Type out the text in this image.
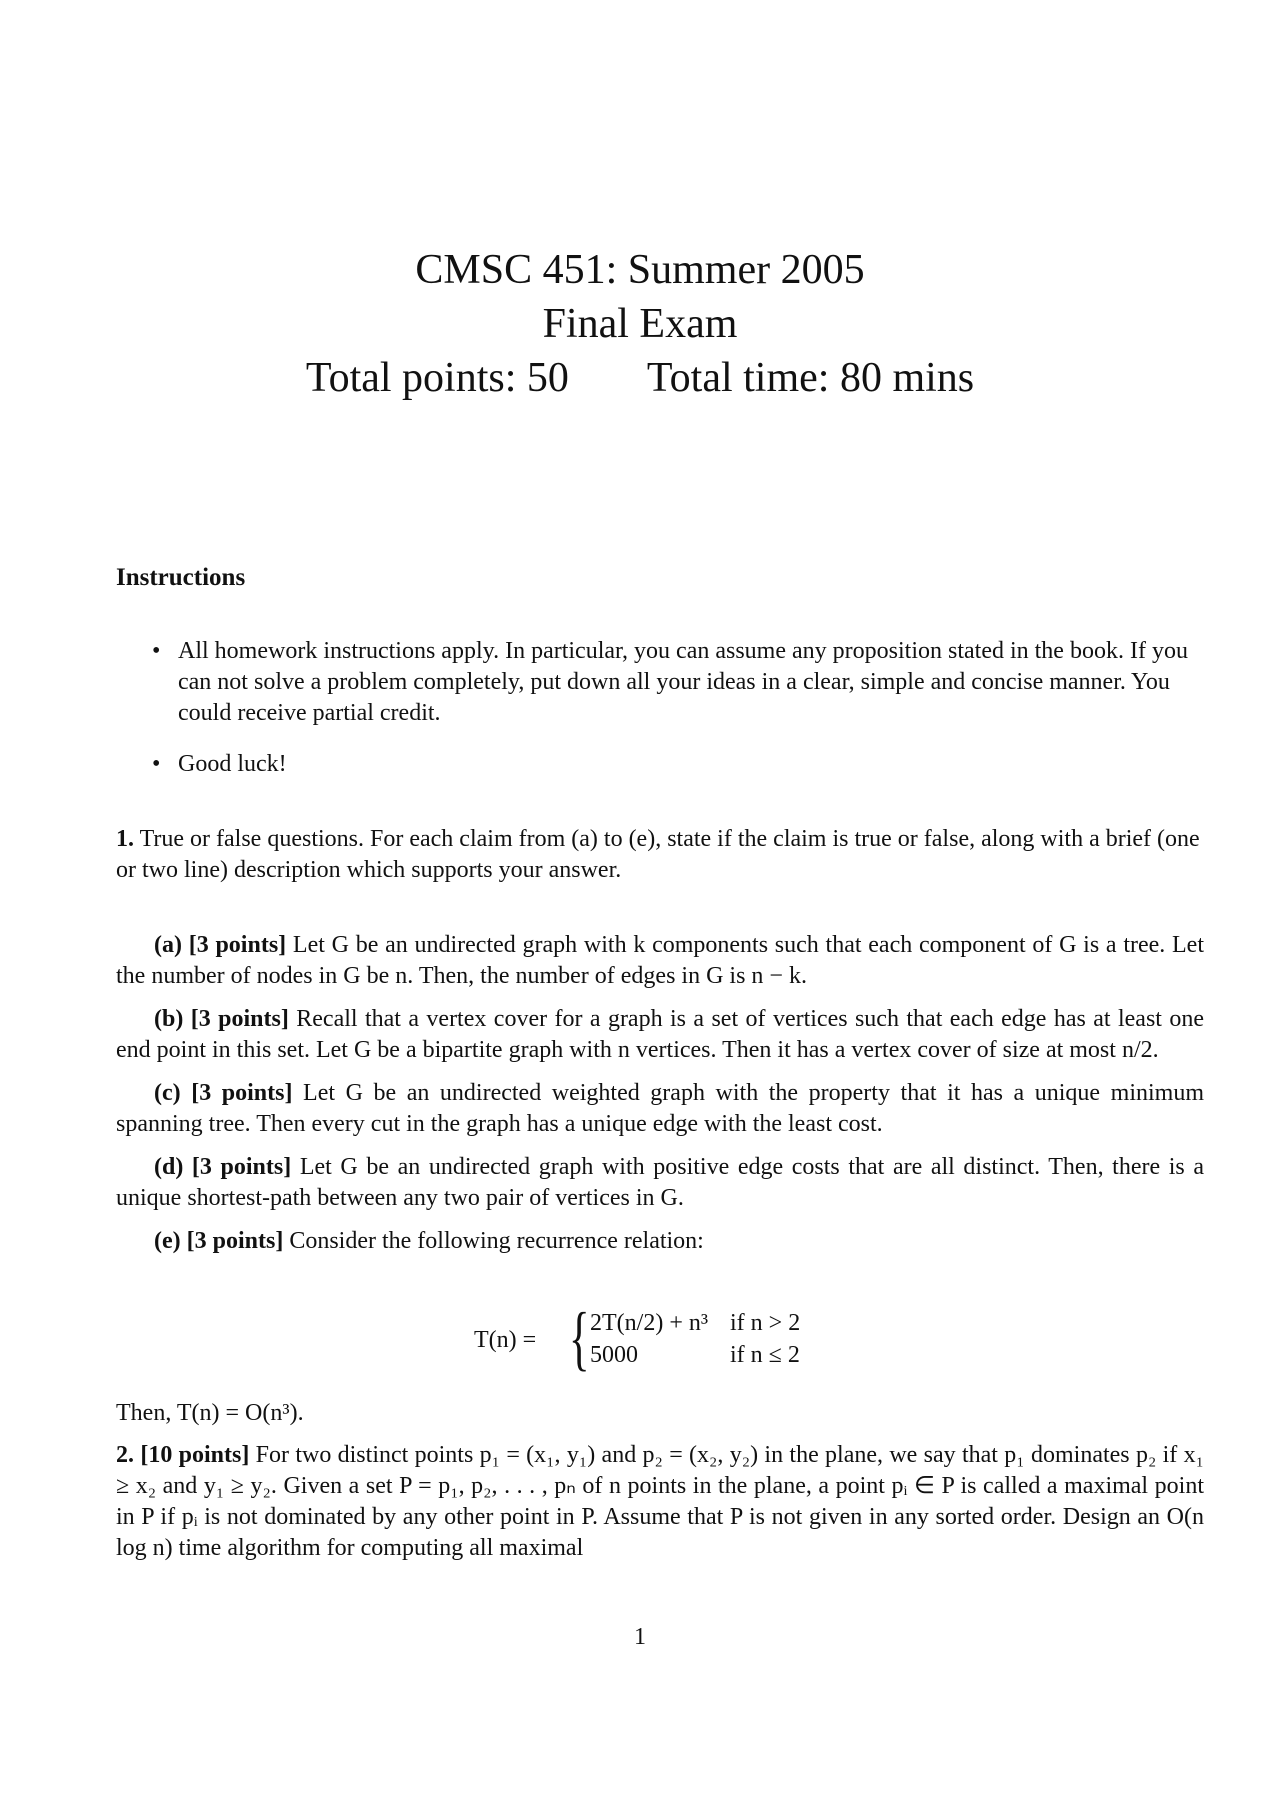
CMSC 451: Summer 2005
Final Exam
Total points: 50 Total time: 80 mins
Instructions
• All homework instructions apply. In particular, you can assume any proposition stated in the book. If you can not solve a problem completely, put down all your ideas in a clear, simple and concise manner. You could receive partial credit.
• Good luck!
1. True or false questions. For each claim from (a) to (e), state if the claim is true or false, along with a brief (one or two line) description which supports your answer.

(a) [3 points] Let G be an undirected graph with k components such that each component of G is a tree. Let the number of nodes in G be n. Then, the number of edges in G is n − k.

(b) [3 points] Recall that a vertex cover for a graph is a set of vertices such that each edge has at least one end point in this set. Let G be a bipartite graph with n vertices. Then it has a vertex cover of size at most n/2.

(c) [3 points] Let G be an undirected weighted graph with the property that it has a unique minimum spanning tree. Then every cut in the graph has a unique edge with the least cost.

(d) [3 points] Let G be an undirected graph with positive edge costs that are all distinct. Then, there is a unique shortest-path between any two pair of vertices in G.

(e) [3 points] Consider the following recurrence relation:

T(n) = { 2T(n/2) + n³ if n > 2
5000	if n ≤ 2
Then, T(n) = O(n³).
2. [10 points] For two distinct points p₁ = (x₁, y₁) and p₂ = (x₂, y₂) in the plane, we say that p₁ dominates p₂ if x₁ ≥ x₂ and y₁ ≥ y₂. Given a set P = p₁, p₂, . . . , pₙ of n points in the plane, a point pᵢ ∈ P is called a maximal point in P if pᵢ is not dominated by any other point in P. Assume that P is not given in any sorted order. Design an O(n log n) time algorithm for computing all maximal
1
